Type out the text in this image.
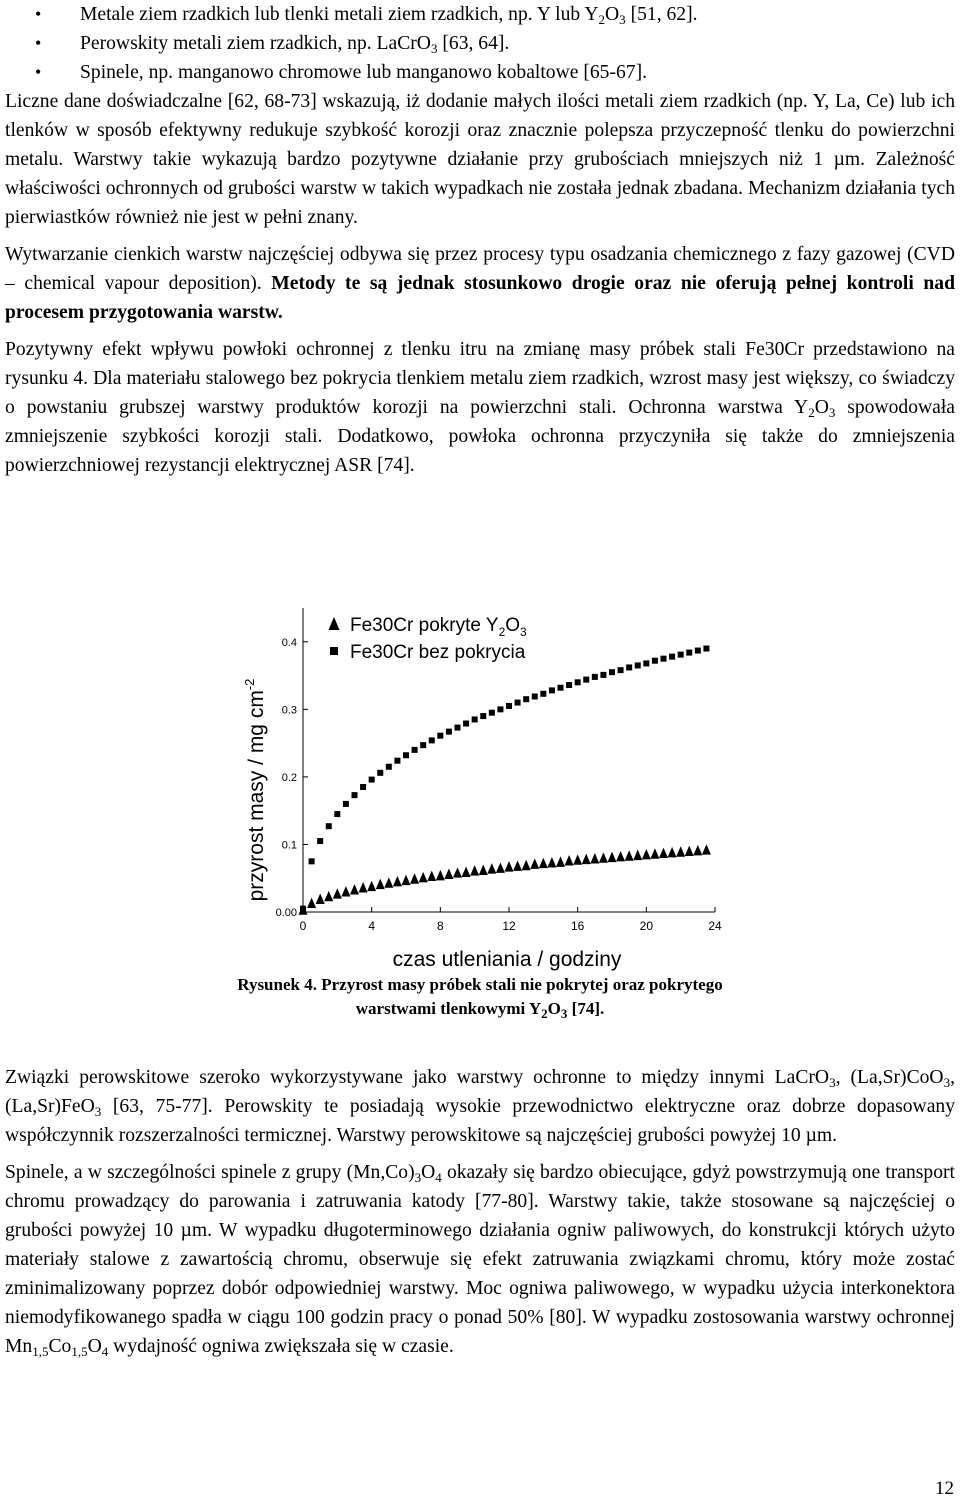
• Metale ziem rzadkich lub tlenki metali ziem rzadkich, np. Y lub $Y_2O_3$ [51, 62].
• Perowskity metali ziem rzadkich, np. LaCrO$_3$ [63, 64].
• Spinele, np. manganowo chromowe lub manganowo kobaltowe [65-67].

Liczne dane doświadczalne [62, 68-73] wskazują, iż dodanie małych ilości metali ziem rzadkich (np. Y, La, Ce) lub ich tlenków w sposób efektywny redukuje szybkość korozji oraz znacznie polepsza przyczepność tlenku do powierzchni metalu. Warstwy takie wykazują bardzo pozytywne działanie przy grubościach mniejszych niż 1 µm. Zależność właściwości ochronnych od grubości warstw w takich wypadkach nie została jednak zbadana. Mechanizm działania tych pierwiastków również nie jest w pełni znany.

Wytwarzanie cienkich warstw najczęściej odbywa się przez procesy typu osadzania chemicznego z fazy gazowej (CVD – chemical vapour deposition). Metody te są jednak stosunkowo drogie oraz nie oferują pełnej kontroli nad procesem przygotowania warstw.

Pozytywny efekt wpływu powłoki ochronnej z tlenku itru na zmianę masy próbek stali Fe30Cr przedstawiono na rysunku 4. Dla materiału stalowego bez pokrycia tlenkiem metalu ziem rzadkich, wzrost masy jest większy, co świadczy o powstaniu grubszej warstwy produktów korozji na powierzchni stali. Ochronna warstwa $Y_2O_3$ spowodowała zmniejszenie szybkości korozji stali. Dodatkowo, powłoka ochronna przyczyniła się także do zmniejszenia powierzchniowej rezystancji elektrycznej ASR [74].

przyrost masy / mg $cm^{-2}$
czas utleniania / godziny
Fe30Cr pokryte $Y_2O_3$
Fe30Cr bez pokrycia
0.00
0.1
0.2
0.3
0.4
0	4	8	12	16	20	24
Rysunek 4. Przyrost masy próbek stali nie pokrytej oraz pokrytego
warstwami tlenkowymi $Y_2O_3$ [74].

Związki perowskitowe szeroko wykorzystywane jako warstwy ochronne to między innymi LaCrO$_3$, (La,Sr)CoO$_3$, (La,Sr)FeO$_3$ [63, 75-77]. Perowskity te posiadają wysokie przewodnictwo elektryczne oraz dobrze dopasowany współczynnik rozszerzalności termicznej. Warstwy perowskitowe są najczęściej grubości powyżej 10 µm.

Spinele, a w szczególności spinele z grupy $(Mn,Co)_3O_4$ okazały się bardzo obiecujące, gdyż powstrzymują one transport chromu prowadzący do parowania i zatruwania katody [77-80]. Warstwy takie, także stosowane są najczęściej o grubości powyżej 10 µm. W wypadku długoterminowego działania ogniw paliwowych, do konstrukcji których użyto materiały stalowe z zawartością chromu, obserwuje się efekt zatruwania związkami chromu, który może zostać zminimalizowany poprzez dobór odpowiedniej warstwy. Moc ogniwa paliwowego, w wypadku użycia interkonektora niemodyfikowanego spadła w ciągu 100 godzin pracy o ponad 50% [80]. W wypadku zostosowania warstwy ochronnej $Mn_{1,5}Co_{1,5}O_4$ wydajność ogniwa zwiększała się w czasie.

12
